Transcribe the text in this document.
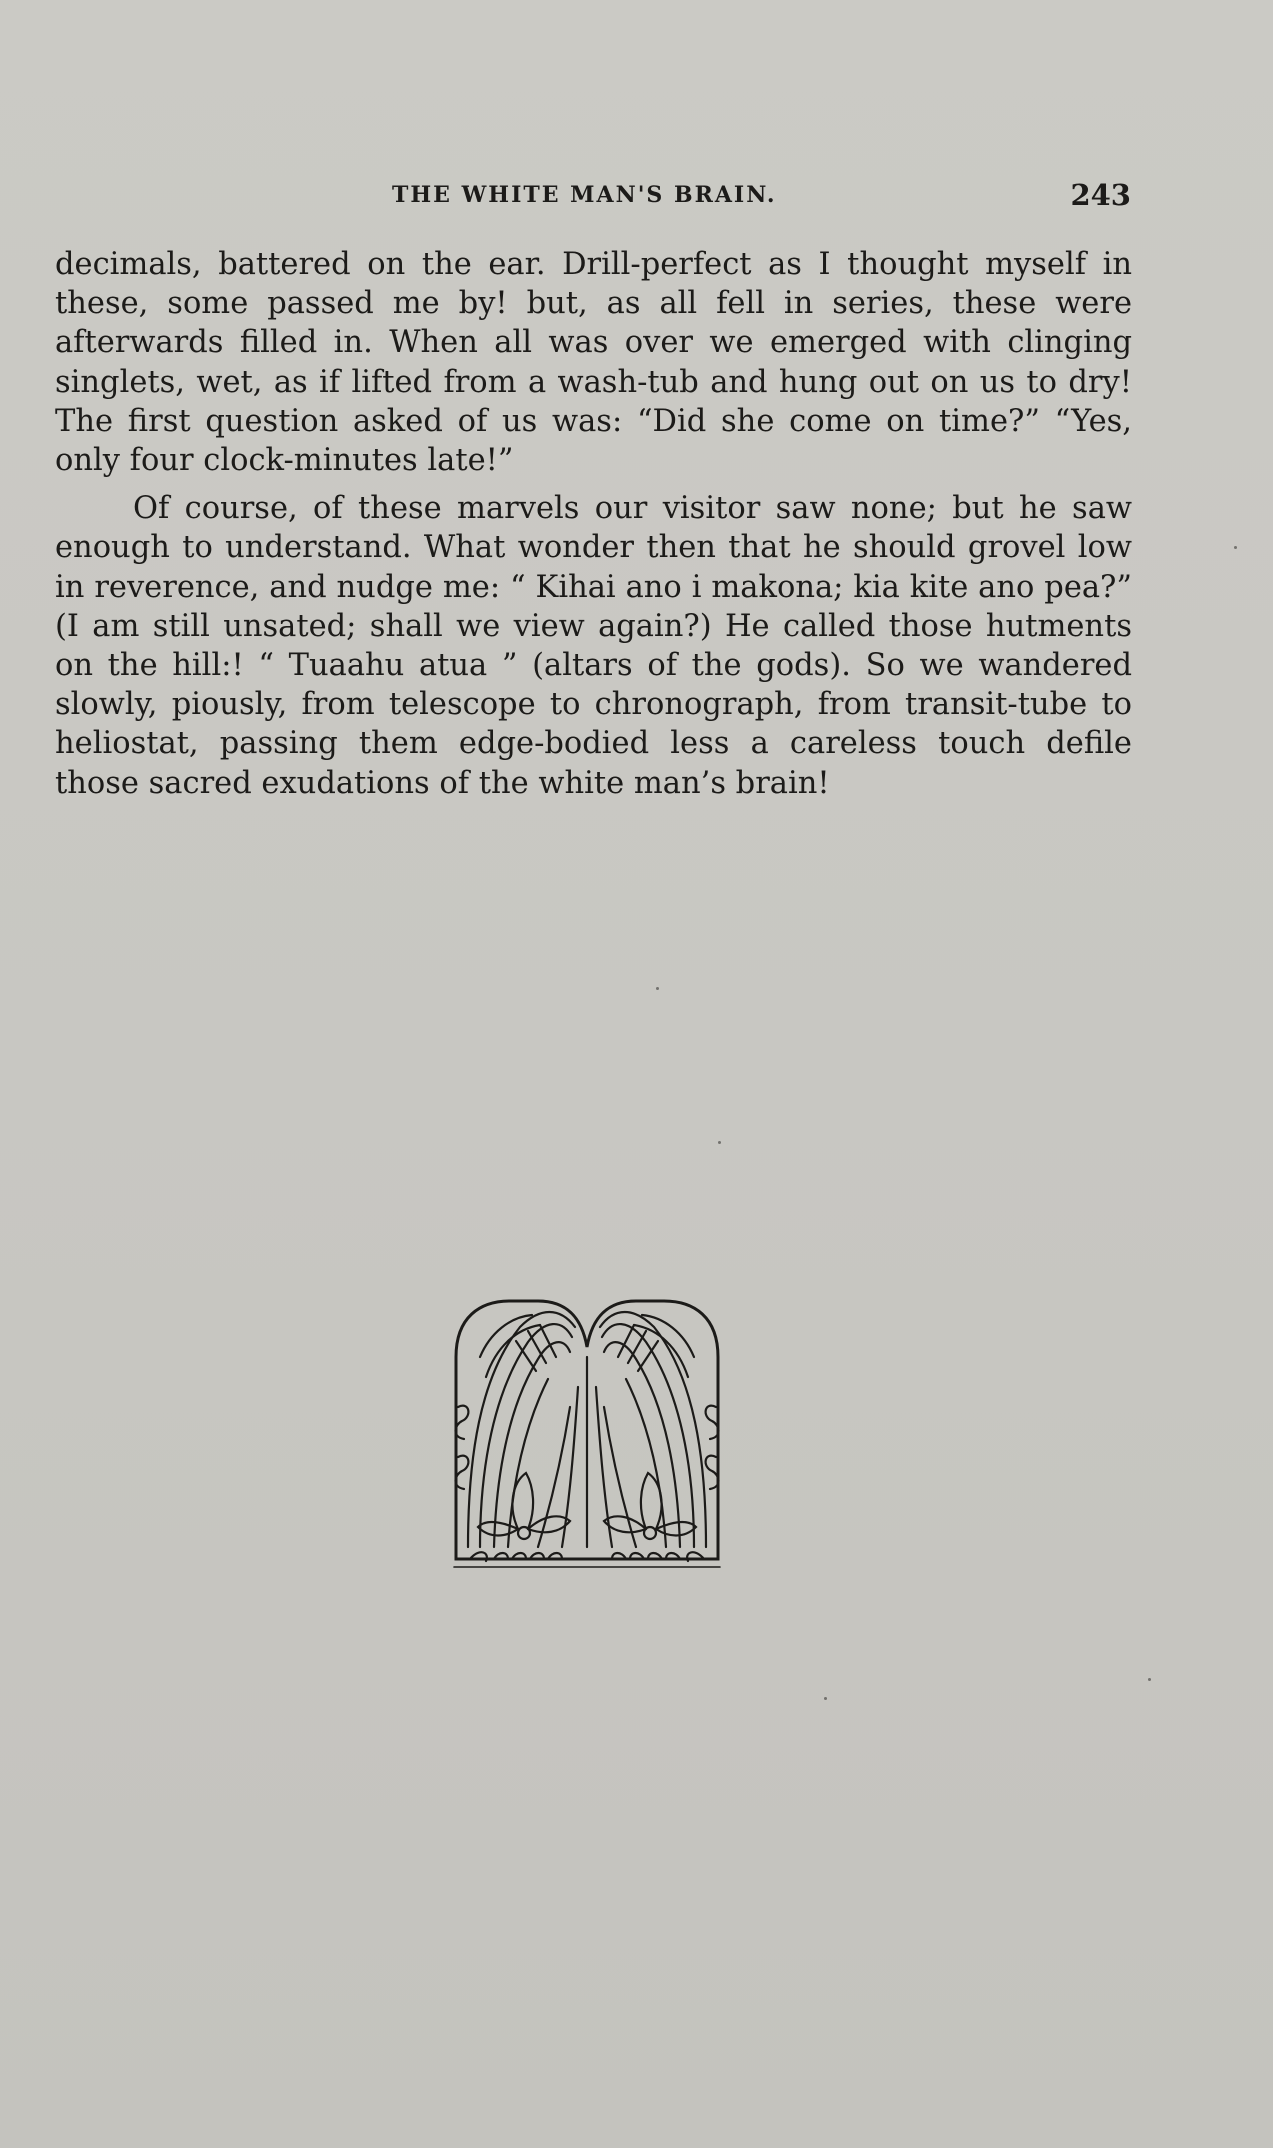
THE WHITE MAN'S BRAIN.	243

decimals, battered on the ear. Drill-perfect as I thought myself in these, some passed me by! but, as all fell in series, these were afterwards filled in. When all was over we emerged with clinging singlets, wet, as if lifted from a wash-tub and hung out on us to dry! The first question asked of us was: “Did she come on time?” “Yes, only four clock-minutes late!”

Of course, of these marvels our visitor saw none; but he saw enough to understand. What wonder then that he should grovel low in reverence, and nudge me: “ Kihai ano i makona; kia kite ano pea?” (I am still unsated; shall we view again?) He called those hutments on the hill:! “ Tuaahu atua ” (altars of the gods). So we wandered slowly, piously, from telescope to chronograph, from transit-tube to heliostat, passing them edge-bodied less a careless touch defile those sacred exudations of the white man’s brain!
